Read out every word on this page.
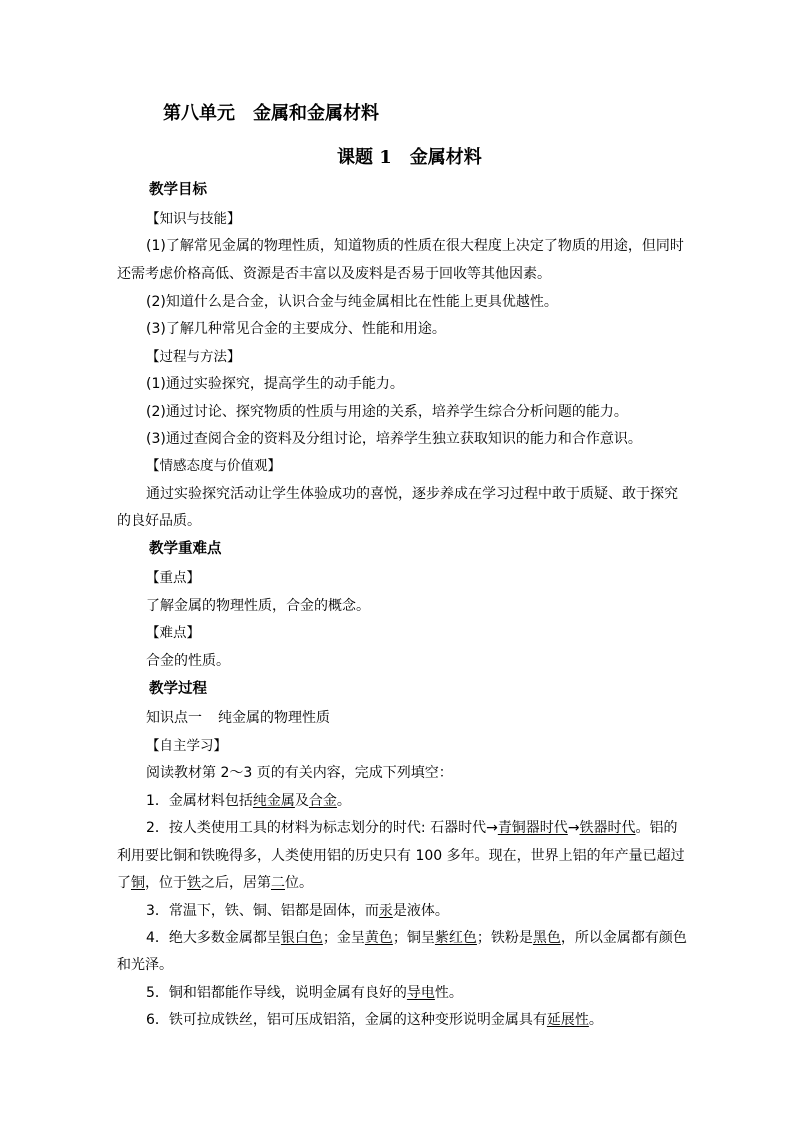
第八单元 金属和金属材料
课题 1 金属材料
教学目标
【知识与技能】
(1)了解常见金属的物理性质，知道物质的性质在很大程度上决定了物质的用途，但同时
还需考虑价格高低、资源是否丰富以及废料是否易于回收等其他因素。
(2)知道什么是合金，认识合金与纯金属相比在性能上更具优越性。
(3)了解几种常见合金的主要成分、性能和用途。
【过程与方法】
(1)通过实验探究，提高学生的动手能力。
(2)通过讨论、探究物质的性质与用途的关系，培养学生综合分析问题的能力。
(3)通过查阅合金的资料及分组讨论，培养学生独立获取知识的能力和合作意识。
【情感态度与价值观】
通过实验探究活动让学生体验成功的喜悦，逐步养成在学习过程中敢于质疑、敢于探究
的良好品质。
教学重难点
【重点】
了解金属的物理性质，合金的概念。
【难点】
合金的性质。
教学过程
知识点一 纯金属的物理性质
【自主学习】
阅读教材第 2～3 页的有关内容，完成下列填空：
1．金属材料包括纯金属及合金。
2．按人类使用工具的材料为标志划分的时代: 石器时代→青铜器时代→铁器时代。铝的
利用要比铜和铁晚得多，人类使用铝的历史只有 100 多年。现在，世界上铝的年产量已超过
了铜，位于铁之后，居第二位。
3．常温下，铁、铜、铝都是固体，而汞是液体。
4．绝大多数金属都呈银白色；金呈黄色；铜呈紫红色；铁粉是黑色，所以金属都有颜色
和光泽。
5．铜和铝都能作导线，说明金属有良好的导电性。
6．铁可拉成铁丝，铝可压成铝箔，金属的这种变形说明金属具有延展性。
